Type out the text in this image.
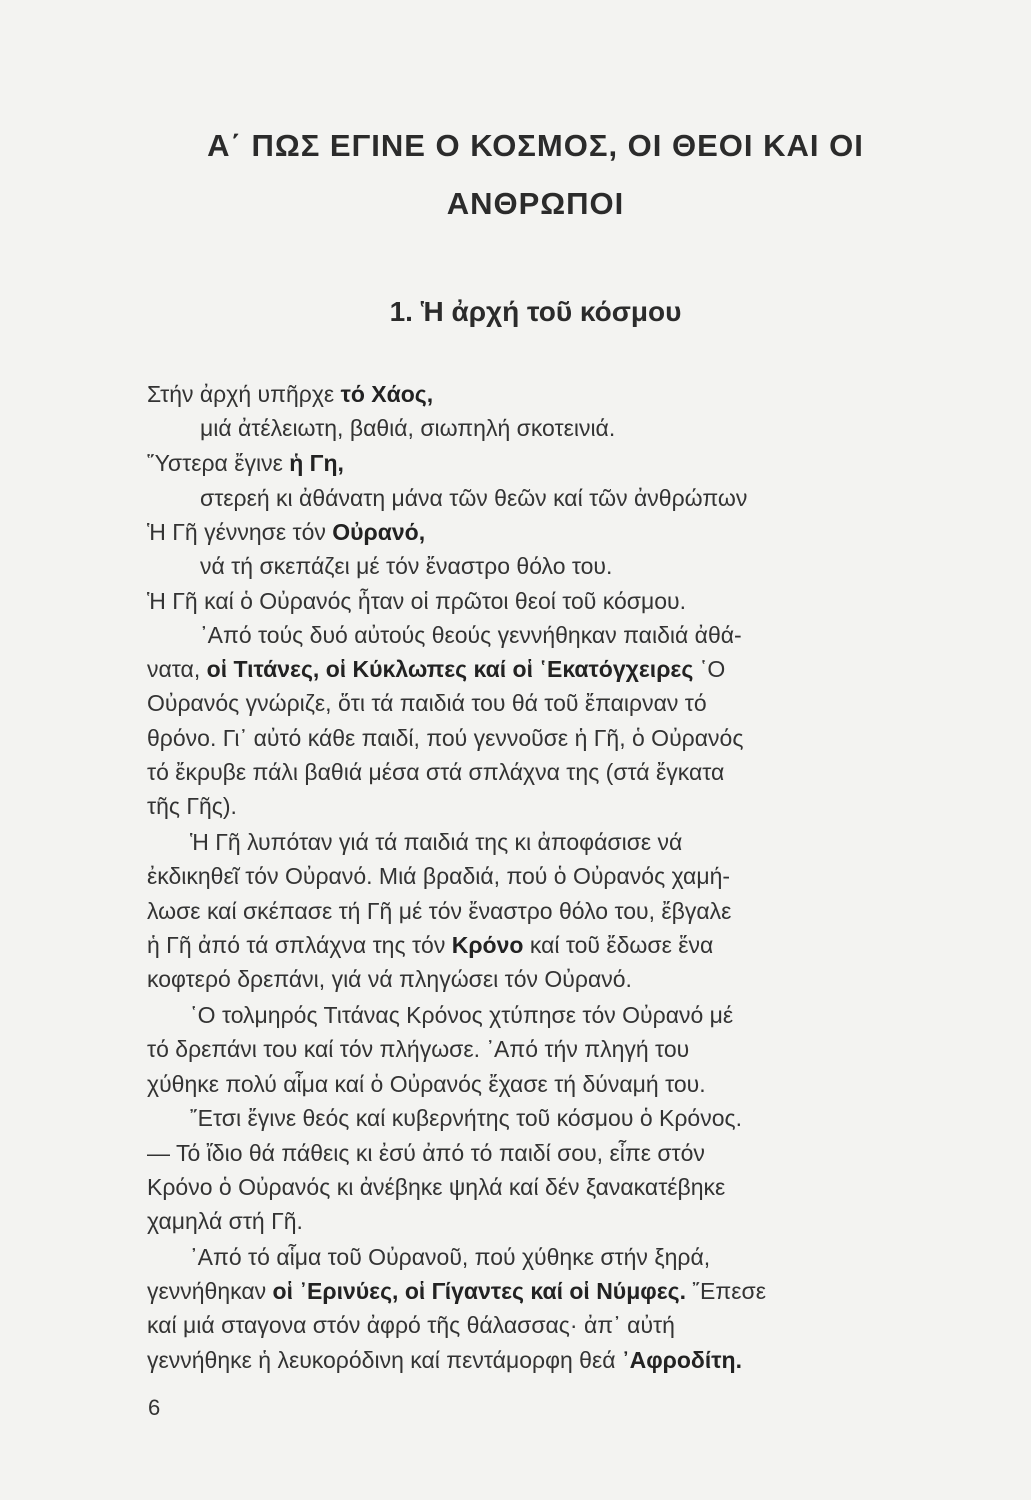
Α΄ ΠΩΣ ΕΓΙΝΕ Ο ΚΟΣΜΟΣ, ΟΙ ΘΕΟΙ ΚΑΙ ΟΙ
ΑΝΘΡΩΠΟΙ
1. Ἡ ἀρχή τοῦ κόσμου
Στήν ἀρχή υπῆρχε τό Χάος,
μιά ἀτέλειωτη, βαθιά, σιωπηλή σκοτεινιά.
῞Υστερα ἔγινε ἡ Γη,
στερεή κι ἀθάνατη μάνα τῶν θεῶν καί τῶν ἀνθρώπων
Ἡ Γῆ γέννησε τόν Οὐρανό,
νά τή σκεπάζει μέ τόν ἔναστρο θόλο του.
Ἡ Γῆ καί ὁ Οὐρανός ἦταν οἱ πρῶτοι θεοί τοῦ κόσμου.
᾿Από τούς δυό αὐτούς θεούς γεννήθηκαν παιδιά ἀθά-
νατα, οἱ Τιτάνες, οἱ Κύκλωπες καί οἱ ῾Εκατόγχειρες ῾Ο
Οὐρανός γνώριζε, ὅτι τά παιδιά του θά τοῦ ἔπαιρναν τό
θρόνο. Γι᾿ αὐτό κάθε παιδί, πού γεννοῦσε ἡ Γῆ, ὁ Οὐρανός
τό ἔκρυβε πάλι βαθιά μέσα στά σπλάχνα της (στά ἔγκατα
τῆς Γῆς).
Ἡ Γῆ λυπόταν γιά τά παιδιά της κι ἀποφάσισε νά
ἐκδικηθεῖ τόν Οὐρανό. Μιά βραδιά, πού ὁ Οὐρανός χαμή-
λωσε καί σκέπασε τή Γῆ μέ τόν ἔναστρο θόλο του, ἔβγαλε
ἡ Γῆ ἀπό τά σπλάχνα της τόν Κρόνο καί τοῦ ἔδωσε ἕνα
κοφτερό δρεπάνι, γιά νά πληγώσει τόν Οὐρανό.
῾Ο τολμηρός Τιτάνας Κρόνος χτύπησε τόν Οὐρανό μέ
τό δρεπάνι του καί τόν πλήγωσε. ᾿Από τήν πληγή του
χύθηκε πολύ αἷμα καί ὁ Οὐρανός ἔχασε τή δύναμή του.
῎Ετσι ἔγινε θεός καί κυβερνήτης τοῦ κόσμου ὁ Κρόνος.
— Τό ἴδιο θά πάθεις κι ἐσύ ἀπό τό παιδί σου, εἶπε στόν
Κρόνο ὁ Οὐρανός κι ἀνέβηκε ψηλά καί δέν ξανακατέβηκε
χαμηλά στή Γῆ.
᾿Από τό αἷμα τοῦ Οὐρανοῦ, πού χύθηκε στήν ξηρά,
γεννήθηκαν οἱ ᾿Ερινύες, οἱ Γίγαντες καί οἱ Νύμφες. ῎Επεσε
καί μιά σταγονα στόν ἀφρό τῆς θάλασσας· ἀπ᾿ αὐτή
γεννήθηκε ἡ λευκορόδινη καί πεντάμορφη θεά ᾿Αφροδίτη.
6
